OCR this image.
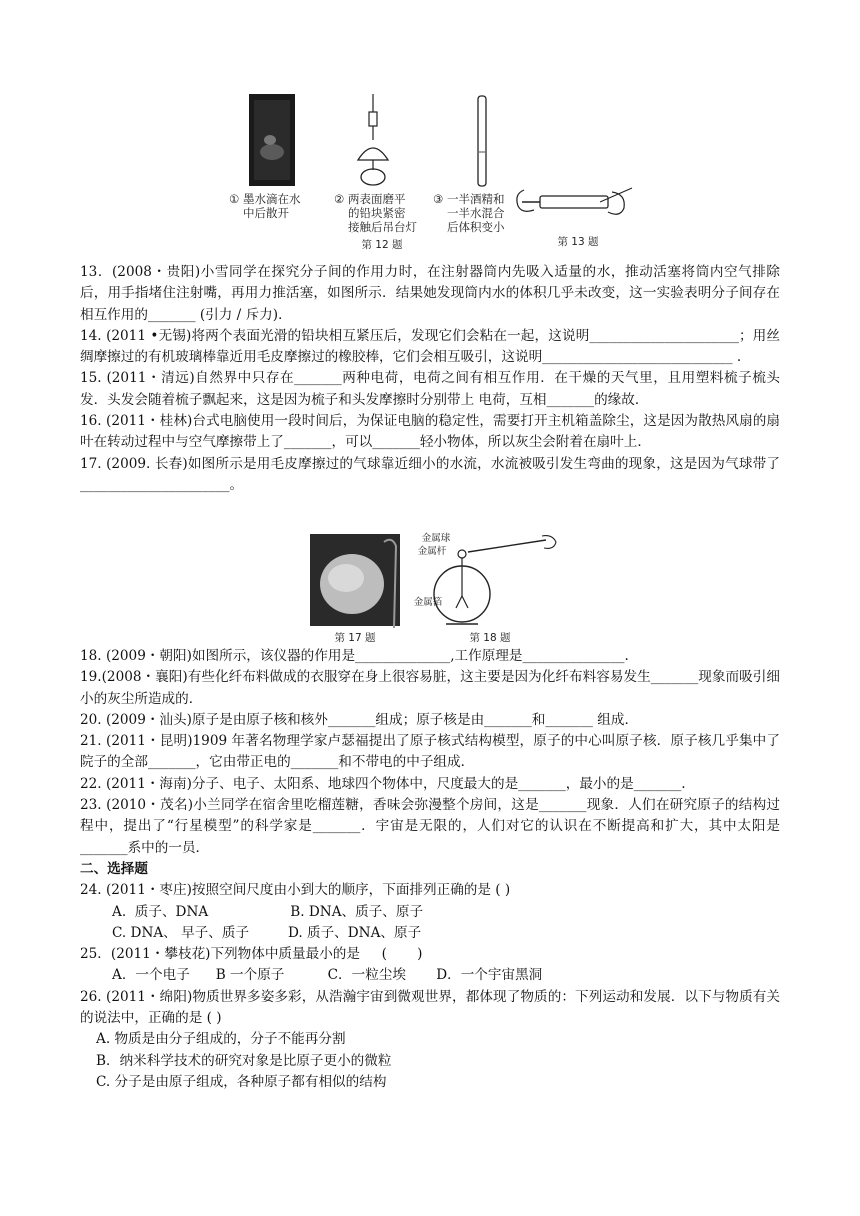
① 墨水滴在水
中后散开
② 两表面磨平
的铅块紧密
接触后吊台灯
③ 一半酒精和
一半水混合
后体积变小
第 12 题	第 13 题

13．(2008・贵阳)小雪同学在探究分子间的作用力时，在注射器筒内先吸入适量的水，推动活塞将筒内空气排除后，用手指堵住注射嘴，再用力推活塞，如图所示．结果她发现筒内水的体积几乎未改变，这一实验表明分子间存在相互作用的_______ (引力 / 斥力)．

14. (2011 •无锡)将两个表面光滑的铅块相互紧压后，发现它们会粘在一起，这说明______________________；用丝绸摩擦过的有机玻璃棒靠近用毛皮摩擦过的橡胶棒，它们会相互吸引，这说明____________________________ .

15. (2011・清远)自然界中只存在_______两种电荷，电荷之间有相互作用．在干燥的天气里，且用塑料梳子梳头发．头发会随着梳子飘起来，这是因为梳子和头发摩擦时分别带上 电荷，互相_______的缘故．

16. (2011・桂林)台式电脑使用一段时间后，为保证电脑的稳定性，需要打开主机箱盖除尘，这是因为散热风扇的扇叶在转动过程中与空气摩擦带上了_______，可以_______轻小物体，所以灰尘会附着在扇叶上．

17. (2009. 长春)如图所示是用毛皮摩擦过的气球靠近细小的水流，水流被吸引发生弯曲的现象，这是因为气球带了______________________。

金属球
金属杆
金属箔
第 17 题	第 18 题

18. (2009・朝阳)如图所示，该仪器的作用是______________,工作原理是_______________.

19.(2008・襄阳)有些化纤布料做成的衣服穿在身上很容易脏，这主要是因为化纤布料容易发生_______现象而吸引细小的灰尘所造成的．

20. (2009・汕头)原子是由原子核和核外_______组成；原子核是由_______和_______ 组成．

21. (2011・昆明)1909 年著名物理学家卢瑟福提出了原子核式结构模型，原子的中心叫原子核．原子核几乎集中了院子的全部_______，它由带正电的_______和不带电的中子组成．

22. (2011・海南)分子、电子、太阳系、地球四个物体中，尺度最大的是_______，最小的是_______.

23. (2010・茂名)小兰同学在宿舍里吃榴莲糖，香味会弥漫整个房间，这是_______现象．人们在研究原子的结构过程中，提出了“行星模型”的科学家是_______．宇宙是无限的，人们对它的认识在不断提高和扩大，其中太阳是_______系中的一员．

二、选择题

24. (2011・枣庄)按照空间尺度由小到大的顺序，下面排列正确的是 ( )

A.  质子、DNA                   B. DNA、质子、原子

C. DNA、 早子、质子         D. 质子、DNA、原子

25．(2011・攀枝花)下列物体中质量最小的是     (       )

A．一个电子      B 一个原子          C．一粒尘埃       D．一个宇宙黑洞

26. (2011・绵阳)物质世界多姿多彩，从浩瀚宇宙到微观世界，都体现了物质的：下列运动和发展．以下与物质有关的说法中，正确的是 ( )

A. 物质是由分子组成的，分子不能再分割

B．纳米科学技术的研究对象是比原子更小的微粒

C. 分子是由原子组成，各种原子都有相似的结构
